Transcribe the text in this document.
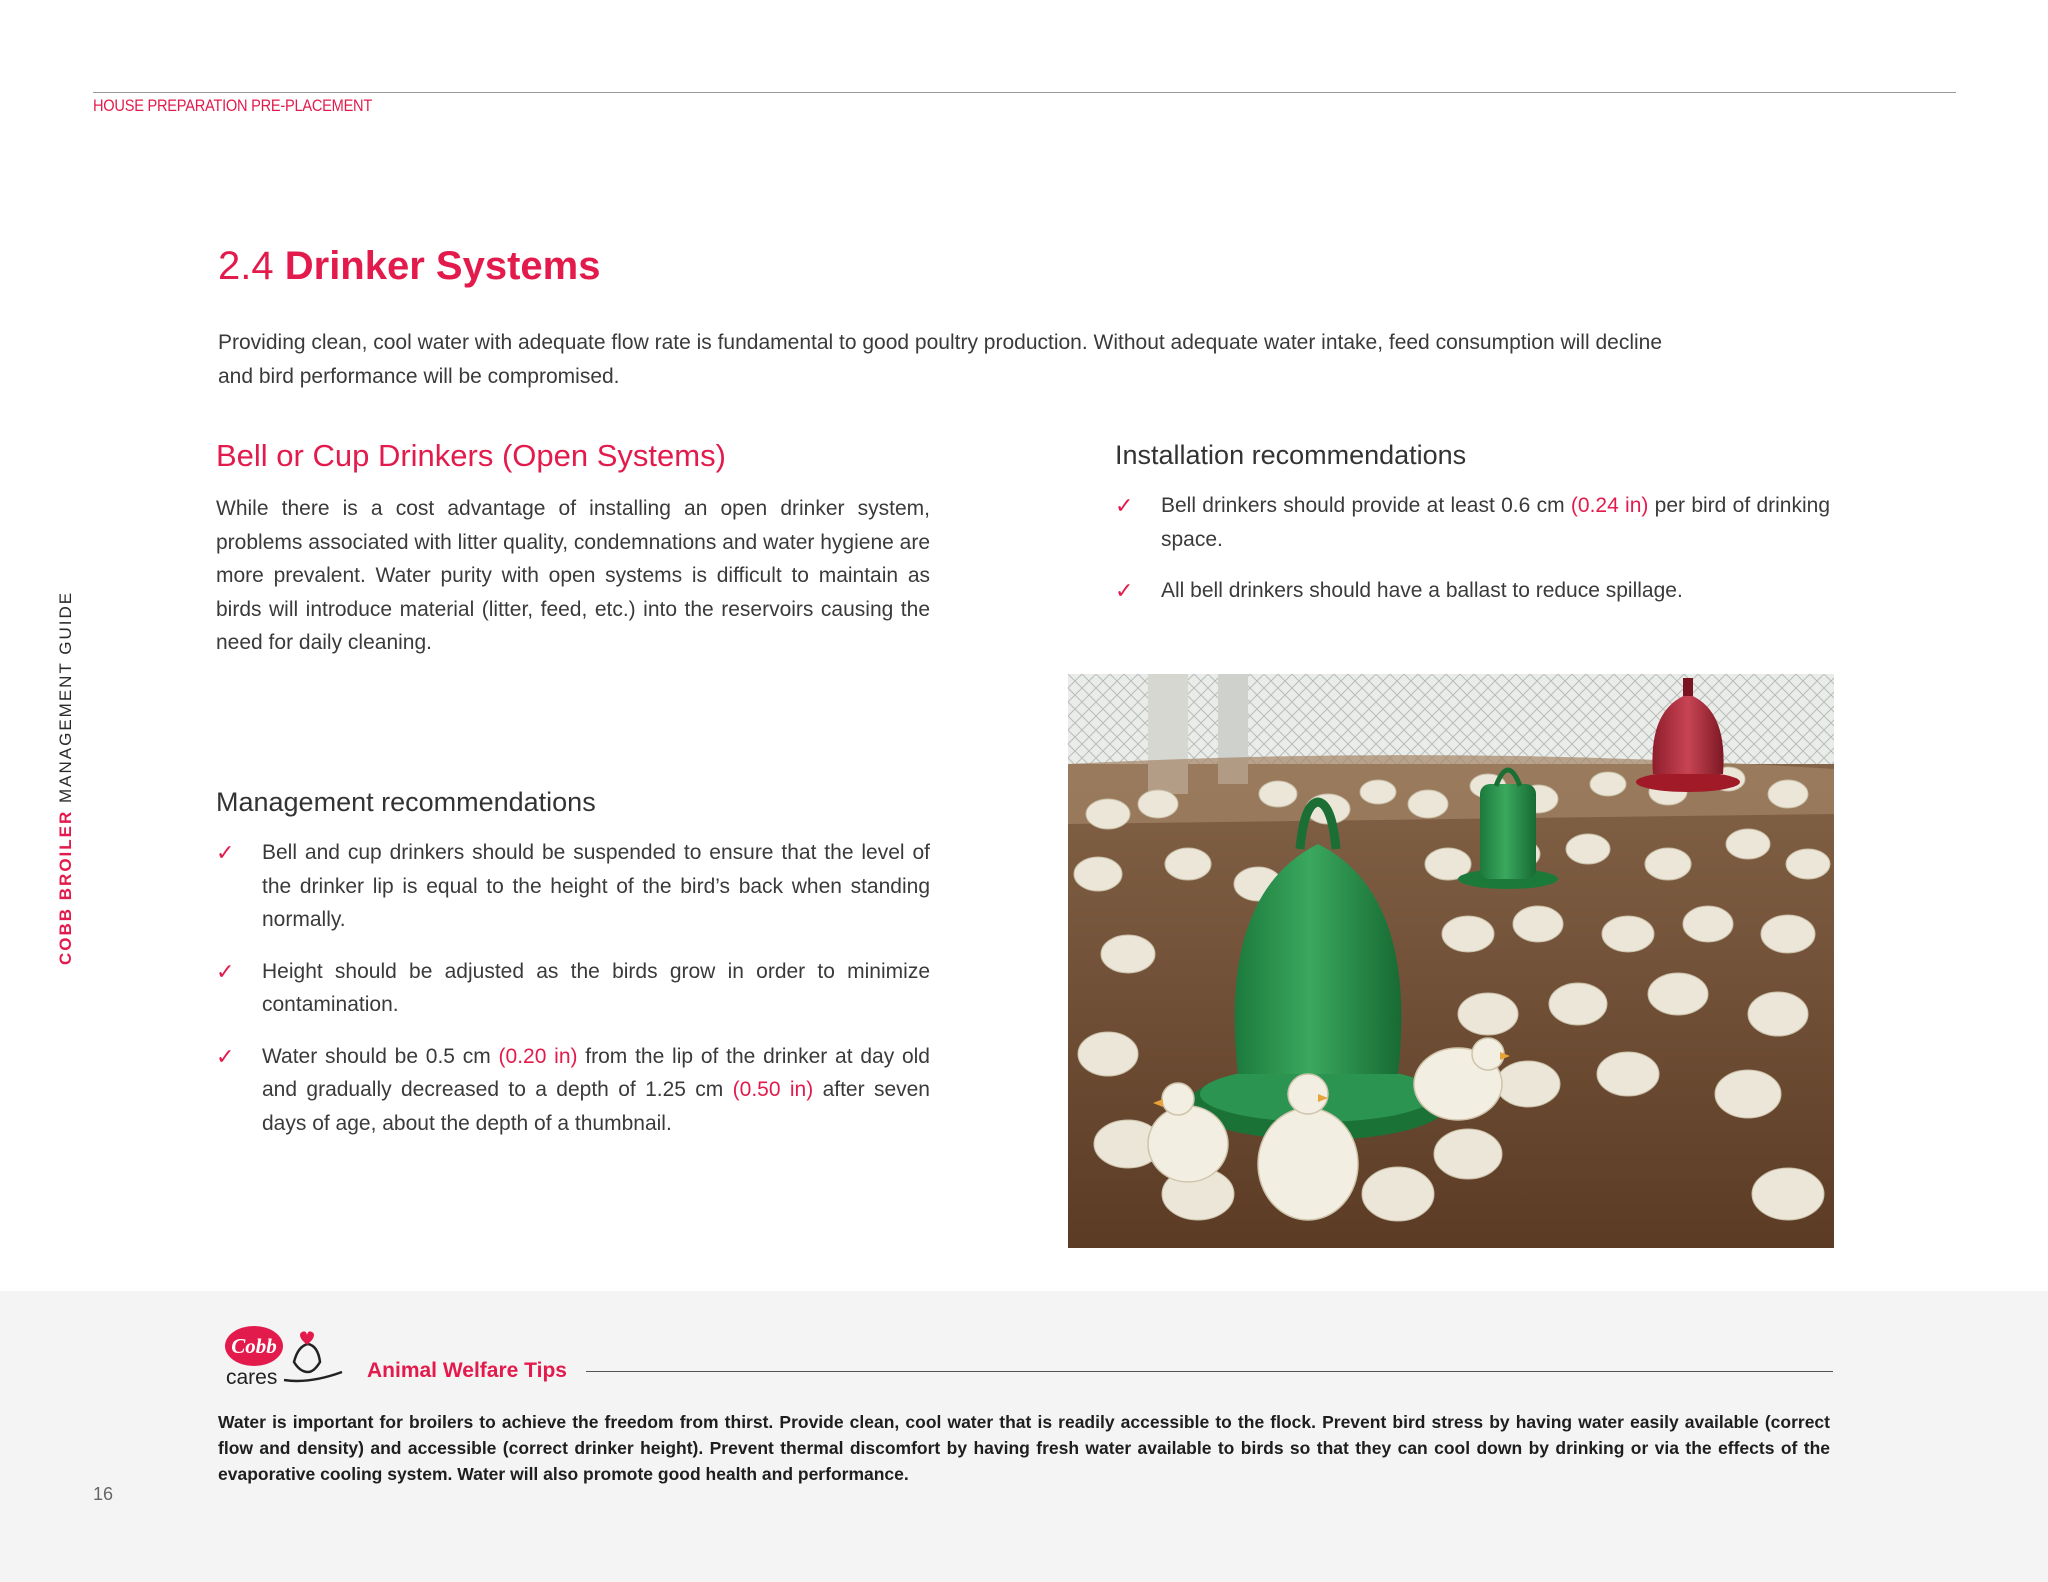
HOUSE PREPARATION PRE-PLACEMENT
COBB BROILER MANAGEMENT GUIDE
2.4 Drinker Systems

Providing clean, cool water with adequate flow rate is fundamental to good poultry production. Without adequate water intake, feed consumption will decline and bird performance will be compromised.

Bell or Cup Drinkers (Open Systems)

While there is a cost advantage of installing an open drinker system, problems associated with litter quality, condemnations and water hygiene are more prevalent. Water purity with open systems is difficult to maintain as birds will introduce material (litter, feed, etc.) into the reservoirs causing the need for daily cleaning.

Management recommendations
✓ Bell and cup drinkers should be suspended to ensure that the level of the drinker lip is equal to the height of the bird’s back when standing normally.
✓ Height should be adjusted as the birds grow in order to minimize contamination.
✓ Water should be 0.5 cm (0.20 in) from the lip of the drinker at day old and gradually decreased to a depth of 1.25 cm (0.50 in) after seven days of age, about the depth of a thumbnail.
Installation recommendations
✓ Bell drinkers should provide at least 0.6 cm (0.24 in) per bird of drinking space.
✓ All bell drinkers should have a ballast to reduce spillage.
Cobb
cares	Animal Welfare Tips

Water is important for broilers to achieve the freedom from thirst. Provide clean, cool water that is readily accessible to the flock. Prevent bird stress by having water easily available (correct flow and density) and accessible (correct drinker height). Prevent thermal discomfort by having fresh water available to birds so that they can cool down by drinking or via the effects of the evaporative cooling system. Water will also promote good health and performance.

16
